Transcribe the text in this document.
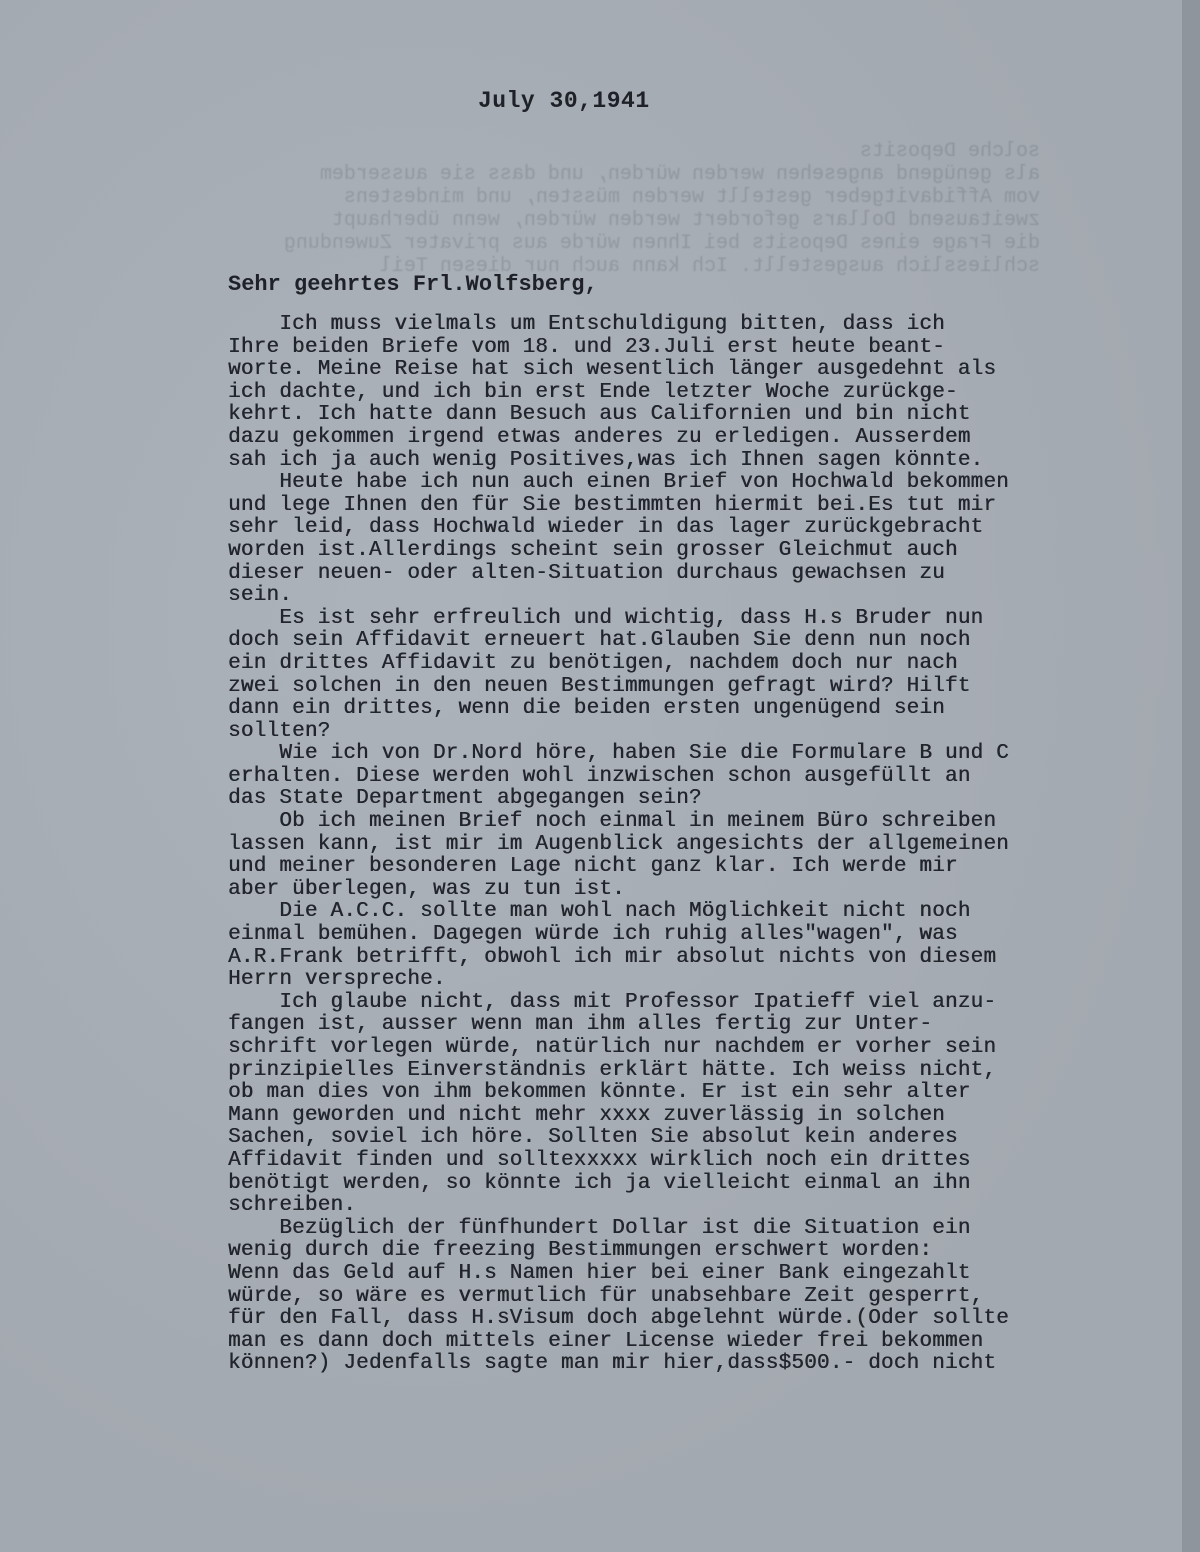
solche Deposits
als genügend angesehen werden würden, und dass sie ausserdem
vom Affidavitgeber gestellt werden müssten, und mindestens
zweitausend Dollars gefordert werden würden, wenn überhaupt
die Frage eines Deposits bei Ihnen würde aus privater Zuwendung
schliesslich ausgestellt. Ich kann auch nur diesen Teil
July 30,1941
Sehr geehrtes Frl.Wolfsberg,
Ich muss vielmals um Entschuldigung bitten, dass ich
Ihre beiden Briefe vom 18. und 23.Juli erst heute beant-
worte. Meine Reise hat sich wesentlich länger ausgedehnt als
ich dachte, und ich bin erst Ende letzter Woche zurückge-
kehrt. Ich hatte dann Besuch aus Californien und bin nicht
dazu gekommen irgend etwas anderes zu erledigen. Ausserdem
sah ich ja auch wenig Positives,was ich Ihnen sagen könnte.
Heute habe ich nun auch einen Brief von Hochwald bekommen
und lege Ihnen den für Sie bestimmten hiermit bei.Es tut mir
sehr leid, dass Hochwald wieder in das lager zurückgebracht
worden ist.Allerdings scheint sein grosser Gleichmut auch
dieser neuen- oder alten-Situation durchaus gewachsen zu
sein.
Es ist sehr erfreulich und wichtig, dass H.s Bruder nun
doch sein Affidavit erneuert hat.Glauben Sie denn nun noch
ein drittes Affidavit zu benötigen, nachdem doch nur nach
zwei solchen in den neuen Bestimmungen gefragt wird? Hilft
dann ein drittes, wenn die beiden ersten ungenügend sein
sollten?
Wie ich von Dr.Nord höre, haben Sie die Formulare B und C
erhalten. Diese werden wohl inzwischen schon ausgefüllt an
das State Department abgegangen sein?
Ob ich meinen Brief noch einmal in meinem Büro schreiben
lassen kann, ist mir im Augenblick angesichts der allgemeinen
und meiner besonderen Lage nicht ganz klar. Ich werde mir
aber überlegen, was zu tun ist.
Die A.C.C. sollte man wohl nach Möglichkeit nicht noch
einmal bemühen. Dagegen würde ich ruhig alles"wagen", was
A.R.Frank betrifft, obwohl ich mir absolut nichts von diesem
Herrn verspreche.
Ich glaube nicht, dass mit Professor Ipatieff viel anzu-
fangen ist, ausser wenn man ihm alles fertig zur Unter-
schrift vorlegen würde, natürlich nur nachdem er vorher sein
prinzipielles Einverständnis erklärt hätte. Ich weiss nicht,
ob man dies von ihm bekommen könnte. Er ist ein sehr alter
Mann geworden und nicht mehr xxxx zuverlässig in solchen
Sachen, soviel ich höre. Sollten Sie absolut kein anderes
Affidavit finden und solltexxxxx wirklich noch ein drittes
benötigt werden, so könnte ich ja vielleicht einmal an ihn
schreiben.
Bezüglich der fünfhundert Dollar ist die Situation ein
wenig durch die freezing Bestimmungen erschwert worden:
Wenn das Geld auf H.s Namen hier bei einer Bank eingezahlt
würde, so wäre es vermutlich für unabsehbare Zeit gesperrt,
für den Fall, dass H.sVisum doch abgelehnt würde.(Oder sollte
man es dann doch mittels einer License wieder frei bekommen
können?) Jedenfalls sagte man mir hier,dass$500.- doch nicht
